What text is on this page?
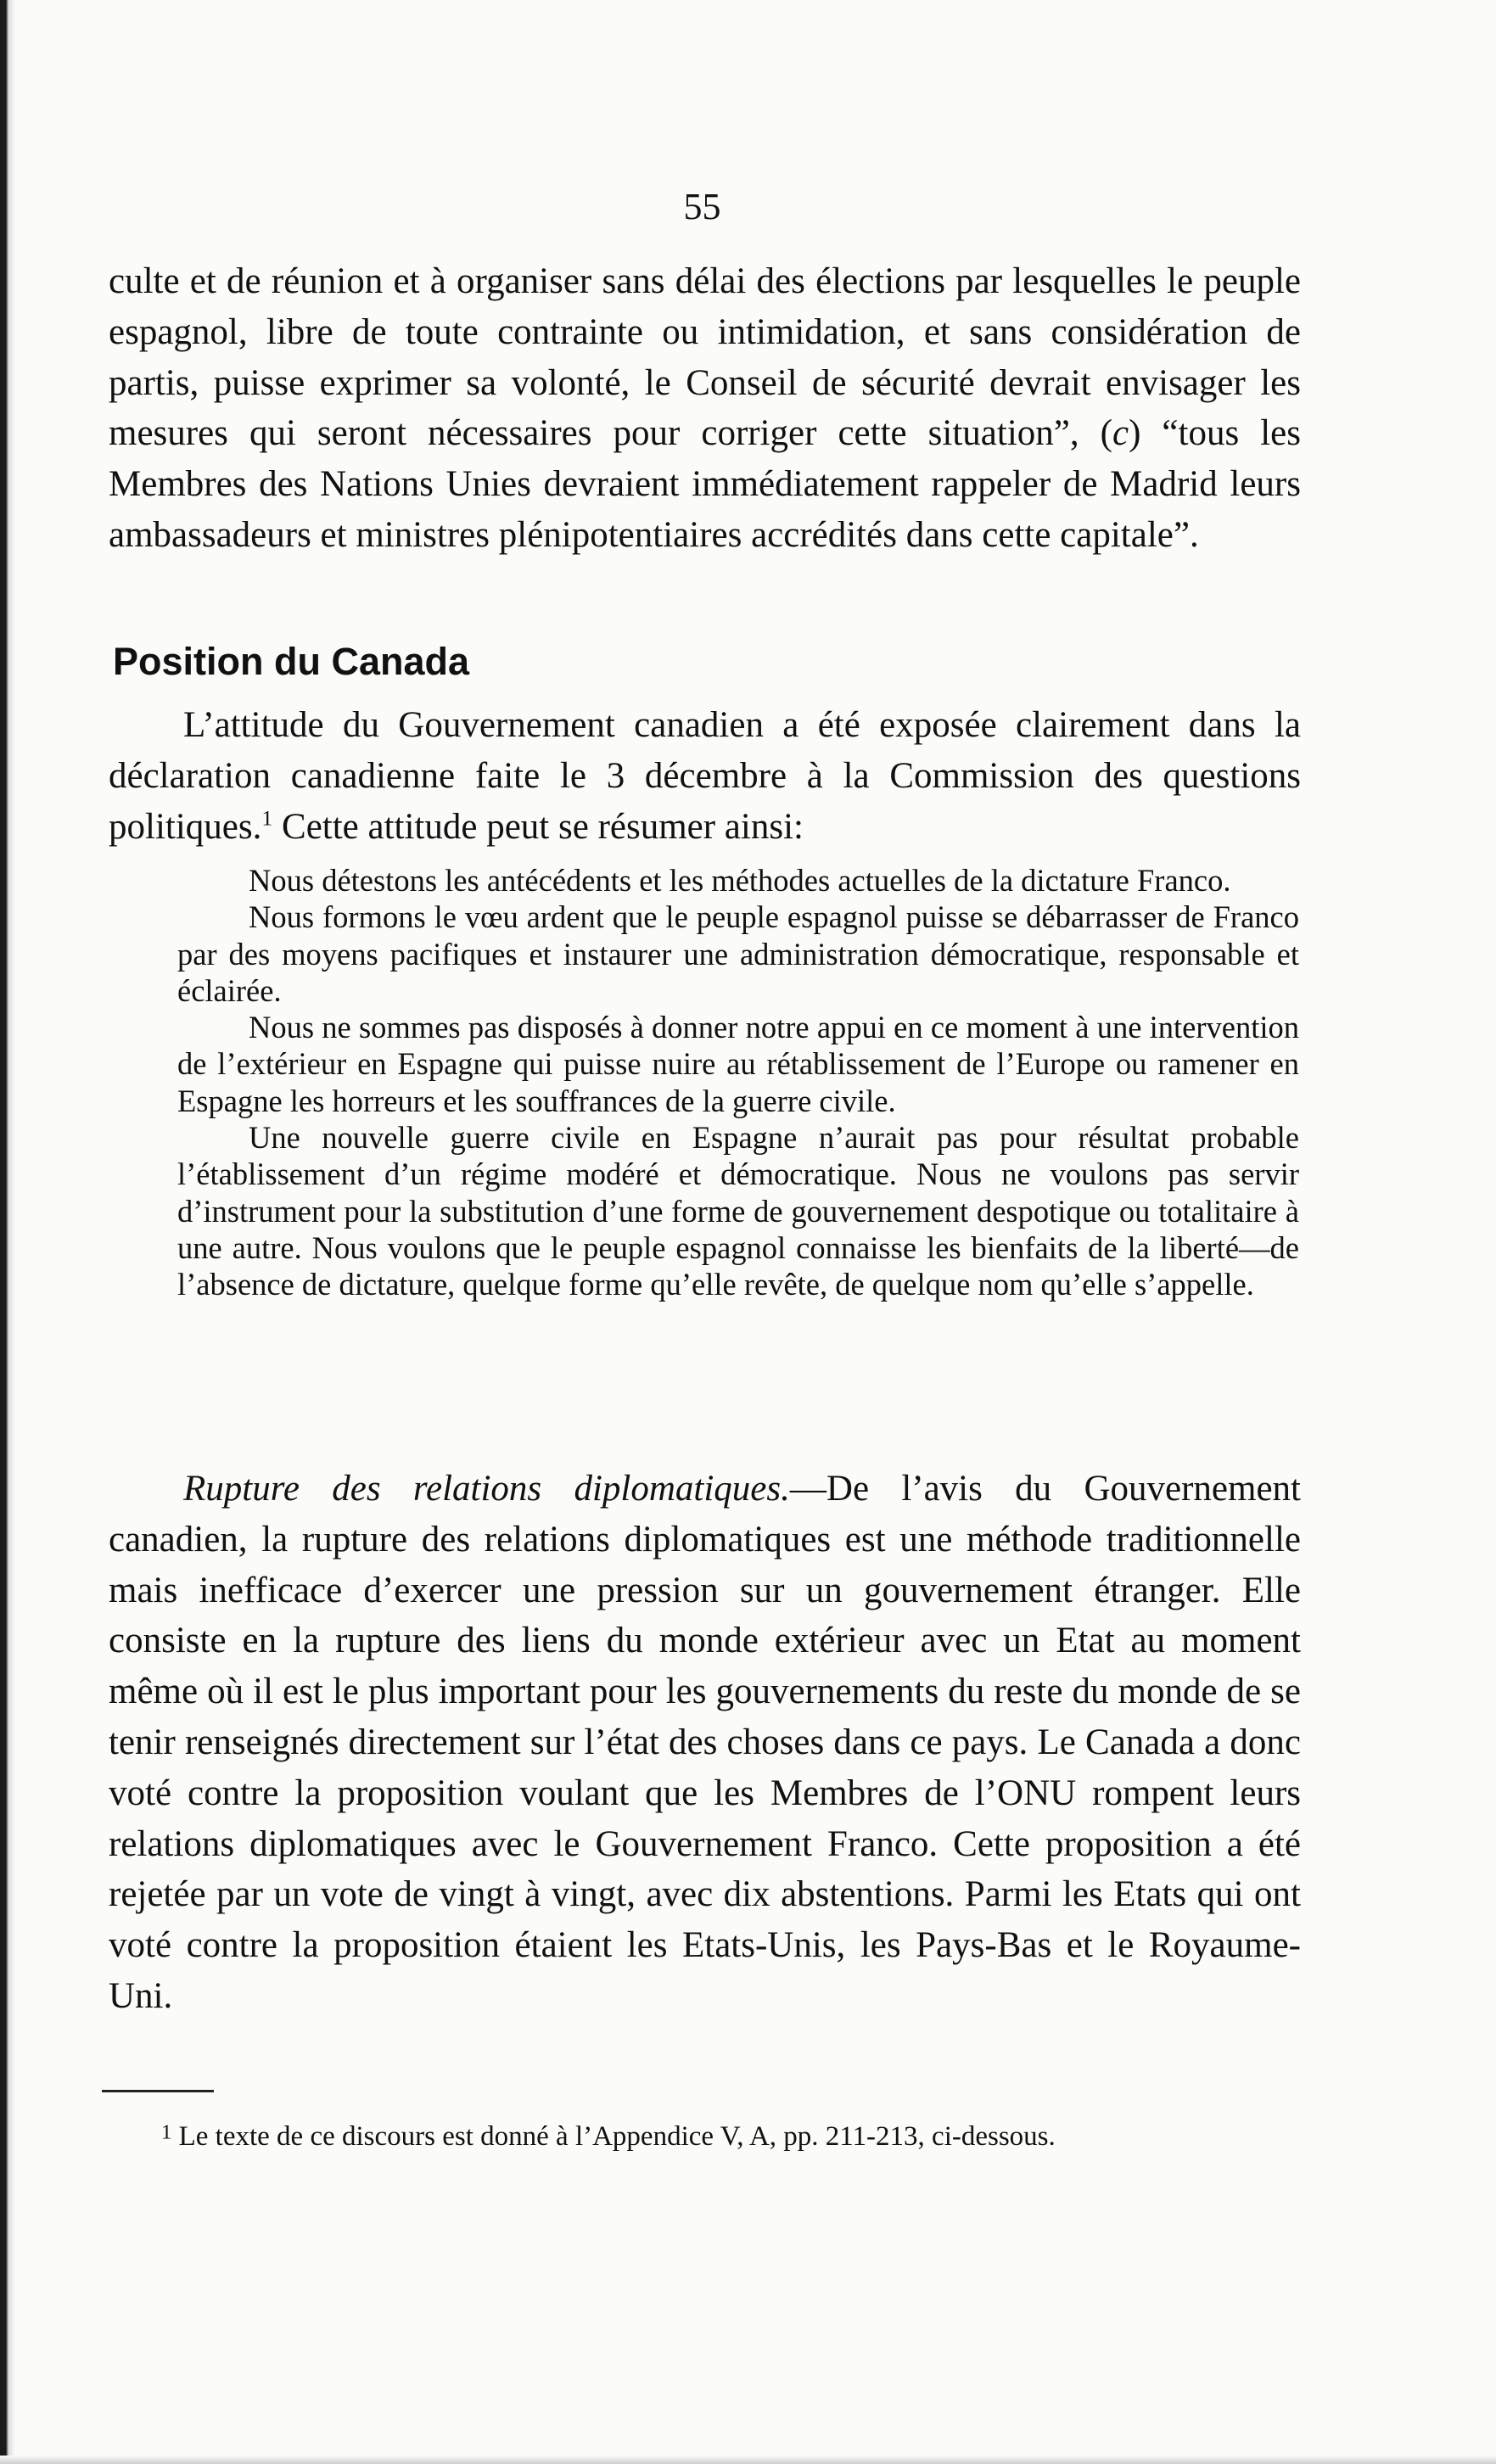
55

culte et de réunion et à organiser sans délai des élections par lesquelles le peuple espagnol, libre de toute contrainte ou intimidation, et sans considération de partis, puisse exprimer sa volonté, le Conseil de sécurité devrait envisager les mesures qui seront nécessaires pour corriger cette situation”, (c) “tous les Membres des Nations Unies devraient immédiatement rappeler de Madrid leurs ambassadeurs et ministres plénipotentiaires accrédités dans cette capitale”.

Position du Canada

L’attitude du Gouvernement canadien a été exposée clairement dans la déclaration canadienne faite le 3 décembre à la Commission des questions politiques.$^1$ Cette attitude peut se résumer ainsi:

Nous détestons les antécédents et les méthodes actuelles de la dictature Franco.

Nous formons le vœu ardent que le peuple espagnol puisse se débarrasser de Franco par des moyens pacifiques et instaurer une administration démocratique, responsable et éclairée.

Nous ne sommes pas disposés à donner notre appui en ce moment à une intervention de l’extérieur en Espagne qui puisse nuire au rétablissement de l’Europe ou ramener en Espagne les horreurs et les souffrances de la guerre civile.

Une nouvelle guerre civile en Espagne n’aurait pas pour résultat probable l’établissement d’un régime modéré et démocratique. Nous ne voulons pas servir d’instrument pour la substitution d’une forme de gouvernement despotique ou totalitaire à une autre. Nous voulons que le peuple espagnol connaisse les bienfaits de la liberté—de l’absence de dictature, quelque forme qu’elle revête, de quelque nom qu’elle s’appelle.

Rupture des relations diplomatiques.—De l’avis du Gouvernement canadien, la rupture des relations diplomatiques est une méthode traditionnelle mais inefficace d’exercer une pression sur un gouvernement étranger. Elle consiste en la rupture des liens du monde extérieur avec un Etat au moment même où il est le plus important pour les gouvernements du reste du monde de se tenir renseignés directement sur l’état des choses dans ce pays. Le Canada a donc voté contre la proposition voulant que les Membres de l’ONU rompent leurs relations diplomatiques avec le Gouvernement Franco. Cette proposition a été rejetée par un vote de vingt à vingt, avec dix abstentions. Parmi les Etats qui ont voté contre la proposition étaient les Etats-Unis, les Pays-Bas et le Royaume-Uni.

$^1$ Le texte de ce discours est donné à l’Appendice V, A, pp. 211-213, ci-dessous.
